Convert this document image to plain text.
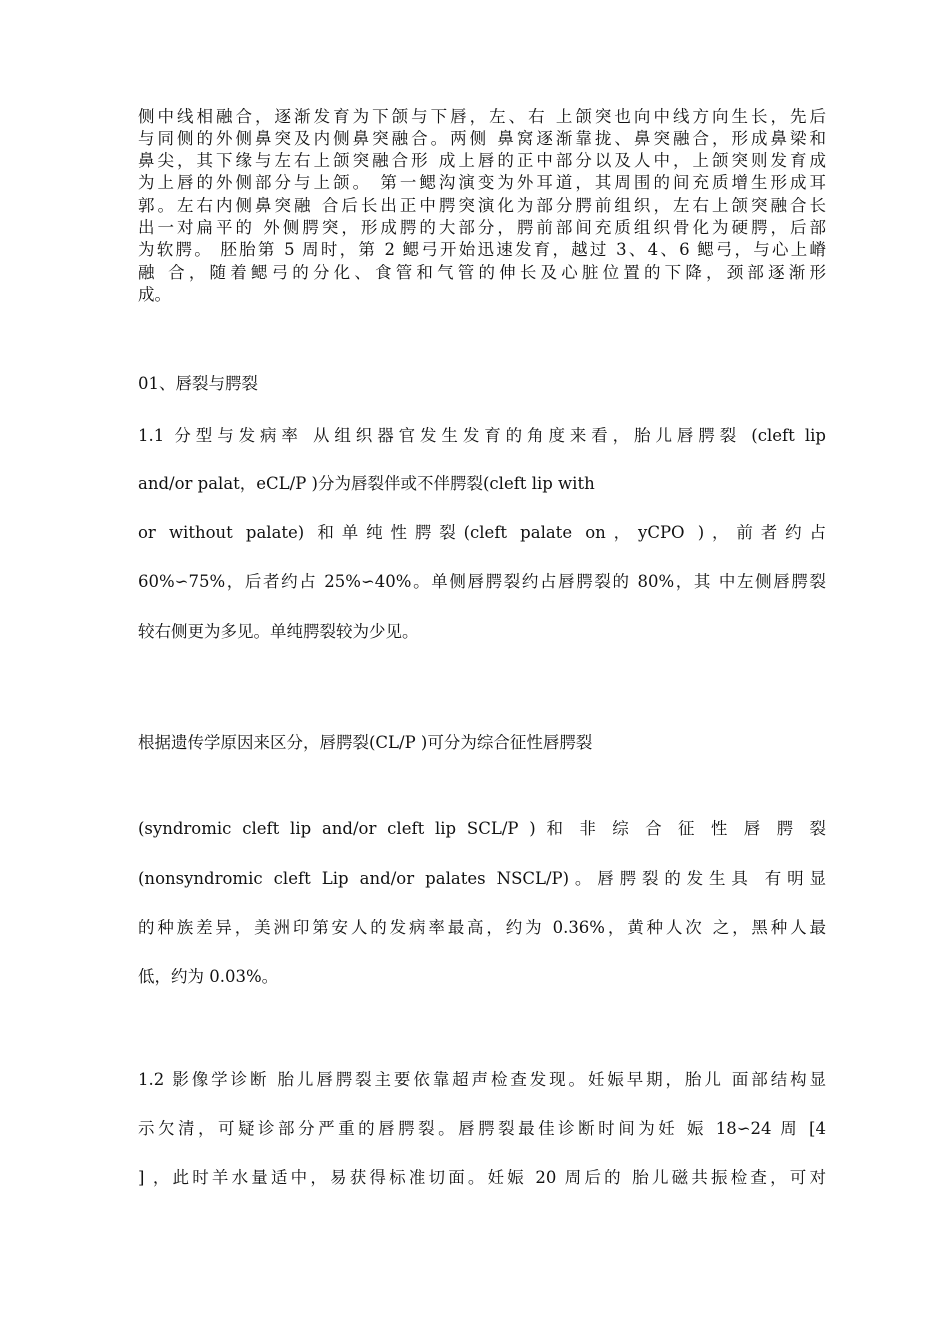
侧中线相融合，逐渐发育为下颌与下唇，左、右 上颌突也向中线方向生长，先后
与同侧的外侧鼻突及内侧鼻突融合。两侧 鼻窝逐渐靠拢、鼻突融合，形成鼻梁和
鼻尖，其下缘与左右上颌突融合形 成上唇的正中部分以及人中，上颌突则发育成
为上唇的外侧部分与上颌。 第一鳃沟演变为外耳道，其周围的间充质增生形成耳
郭。左右内侧鼻突融 合后长出正中腭突演化为部分腭前组织，左右上颌突融合长
出一对扁平的 外侧腭突，形成腭的大部分，腭前部间充质组织骨化为硬腭，后部
为软腭。 胚胎第 5 周时，第 2 鳃弓开始迅速发育，越过 3、4、6 鳃弓，与心上嵴
融 合，随着鳃弓的分化、食管和气管的伸长及心脏位置的下降，颈部逐渐形
成。
01、唇裂与腭裂
1.1 分型与发病率 从组织器官发生发育的角度来看，胎儿唇腭裂 (cleft lip
and/or palat，eCL/P )分为唇裂伴或不伴腭裂(cleft lip with
or without palate) 和单纯性腭裂(cleft palate on，yCPO )，前者约占
60%∽75%，后者约占 25%∽40%。单侧唇腭裂约占唇腭裂的 80%，其 中左侧唇腭裂
较右侧更为多见。单纯腭裂较为少见。
根据遗传学原因来区分，唇腭裂(CL/P )可分为综合征性唇腭裂
(syndromic cleft lip and/or cleft lip SCL/P ) 和 非 综 合 征 性 唇 腭 裂
(nonsyndromic cleft Lip and/or palates NSCL/P)。唇腭裂的发生具 有明显
的种族差异，美洲印第安人的发病率最高，约为 0.36%，黄种人次 之，黑种人最
低，约为 0.03%。
1.2 影像学诊断 胎儿唇腭裂主要依靠超声检查发现。妊娠早期，胎儿 面部结构显
示欠清，可疑诊部分严重的唇腭裂。唇腭裂最佳诊断时间为妊 娠 18∽24 周 [4
] ，此时羊水量适中，易获得标准切面。妊娠 20 周后的 胎儿磁共振检查，可对
